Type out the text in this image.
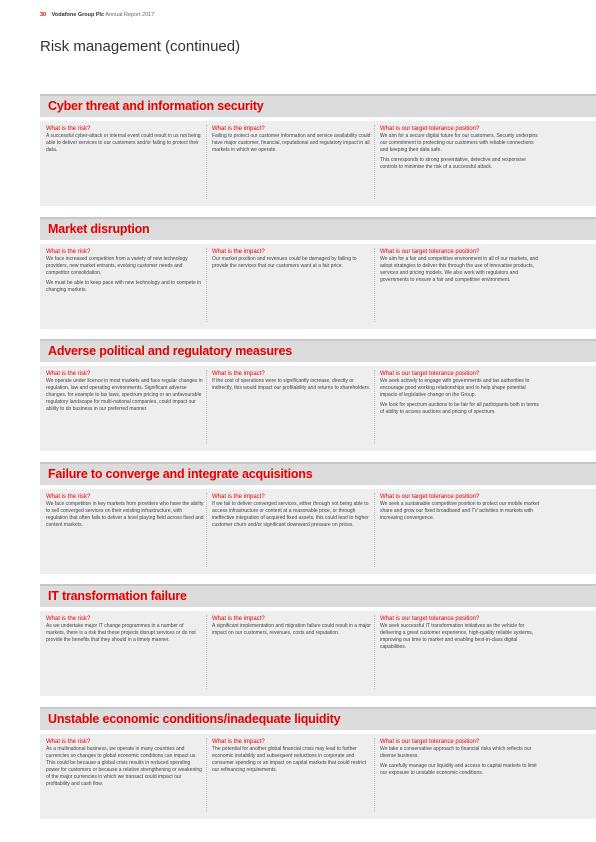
30 Vodafone Group Plc Annual Report 2017
Risk management (continued)
Cyber threat and information security
What is the risk?

A successful cyber-attack or internal event could result in us not being able to deliver services to our customers and/or failing to protect their data.

What is the impact?

Failing to protect our customer information and service availability could have major customer, financial, reputational and regulatory impact in all markets in which we operate.

What is our target tolerance position?

We aim for a secure digital future for our customers. Security underpins our commitment to protecting our customers with reliable connections and keeping their data safe.

This corresponds to strong preventative, detective and responsive controls to minimise the risk of a successful attack.

Market disruption
What is the risk?

We face increased competition from a variety of new technology providers, new market entrants, evolving customer needs and competitor consolidation.

We must be able to keep pace with new technology and to compete in changing markets.

What is the impact?

Our market position and revenues could be damaged by failing to provide the services that our customers want at a fair price.

What is our target tolerance position?

We aim for a fair and competitive environment in all of our markets, and adopt strategies to deliver this through the use of innovative products, services and pricing models. We also work with regulators and governments to ensure a fair and competitive environment.

Adverse political and regulatory measures
What is the risk?

We operate under licence in most markets and face regular changes in regulation, law and operating environments. Significant adverse changes, for example to tax laws, spectrum pricing or an unfavourable regulatory landscape for multi-national companies, could impact our ability to do business in our preferred manner.

What is the impact?

If the cost of operations were to significantly increase, directly or indirectly, this would impact our profitability and returns to shareholders.

What is our target tolerance position?

We seek actively to engage with governments and tax authorities to encourage good working relationships and to help shape potential impacts of legislative change on the Group.

We look for spectrum auctions to be fair for all participants both in terms of ability to access auctions and pricing of spectrum.

Failure to converge and integrate acquisitions
What is the risk?

We face competition in key markets from providers who have the ability to sell converged services on their existing infrastructure, with regulation that often fails to deliver a level playing field across fixed and content markets.

What is the impact?

If we fail to deliver converged services, either through not being able to access infrastructure or content at a reasonable price, or through ineffective integration of acquired fixed assets, this could lead to higher customer churn and/or significant downward pressure on prices.

What is our target tolerance position?

We seek a sustainable competitive position to protect our mobile market share and grow our fixed broadband and TV activities in markets with increasing convergence.

IT transformation failure
What is the risk?

As we undertake major IT change programmes in a number of markets, there is a risk that these projects disrupt services or do not provide the benefits that they should in a timely manner.

What is the impact?

A significant implementation and migration failure could result in a major impact on our customers, revenues, costs and reputation.

What is our target tolerance position?

We seek successful IT transformation initiatives as the vehicle for delivering a great customer experience, high-quality reliable systems, improving our time to market and enabling best-in-class digital capabilities.

Unstable economic conditions/inadequate liquidity
What is the risk?

As a multinational business, we operate in many countries and currencies so changes to global economic conditions can impact us. This could be because a global crisis results in reduced spending power for customers or because a relative strengthening or weakening of the major currencies in which we transact could impact our profitability and cash flow.

What is the impact?

The potential for another global financial crisis may lead to further economic instability and subsequent reductions in corporate and consumer spending or an impact on capital markets that could restrict our refinancing requirements.

What is our target tolerance position?

We take a conservative approach to financial risks which reflects our diverse business.

We carefully manage our liquidity and access to capital markets to limit our exposure to unstable economic conditions.
